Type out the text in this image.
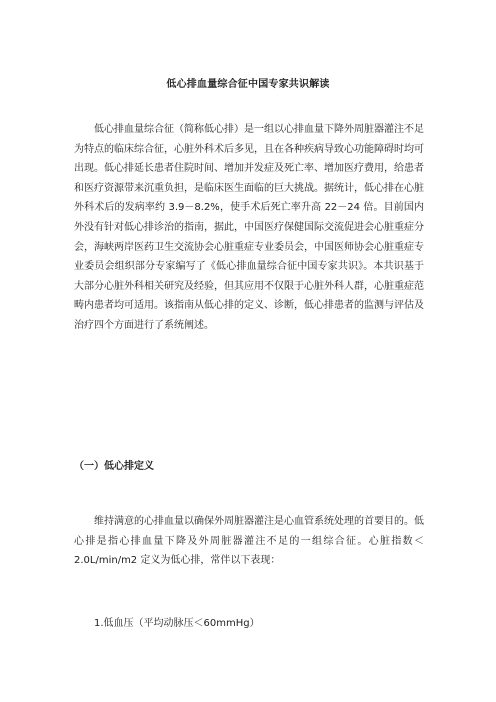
低心排血量综合征中国专家共识解读

低心排血量综合征（简称低心排）是一组以心排血量下降外周脏器灌注不足为特点的临床综合征，心脏外科术后多见，且在各种疾病导致心功能障碍时均可出现。低心排延长患者住院时间、增加并发症及死亡率、增加医疗费用，给患者和医疗资源带来沉重负担，是临床医生面临的巨大挑战。据统计，低心排在心脏外科术后的发病率约 3.9－8.2%，使手术后死亡率升高 22－24 倍。目前国内外没有针对低心排诊治的指南，据此，中国医疗保健国际交流促进会心脏重症分会，海峡两岸医药卫生交流协会心脏重症专业委员会，中国医师协会心脏重症专业委员会组织部分专家编写了《低心排血量综合征中国专家共识》。本共识基于大部分心脏外科相关研究及经验，但其应用不仅限于心脏外科人群，心脏重症范畴内患者均可适用。该指南从低心排的定义、诊断，低心排患者的监测与评估及治疗四个方面进行了系统阐述。

（一）低心排定义

维持满意的心排血量以确保外周脏器灌注是心血管系统处理的首要目的。低心排是指心排血量下降及外周脏器灌注不足的一组综合征。心脏指数＜2.0L/min/m2 定义为低心排，常伴以下表现：

1.低血压（平均动脉压＜60mmHg）
